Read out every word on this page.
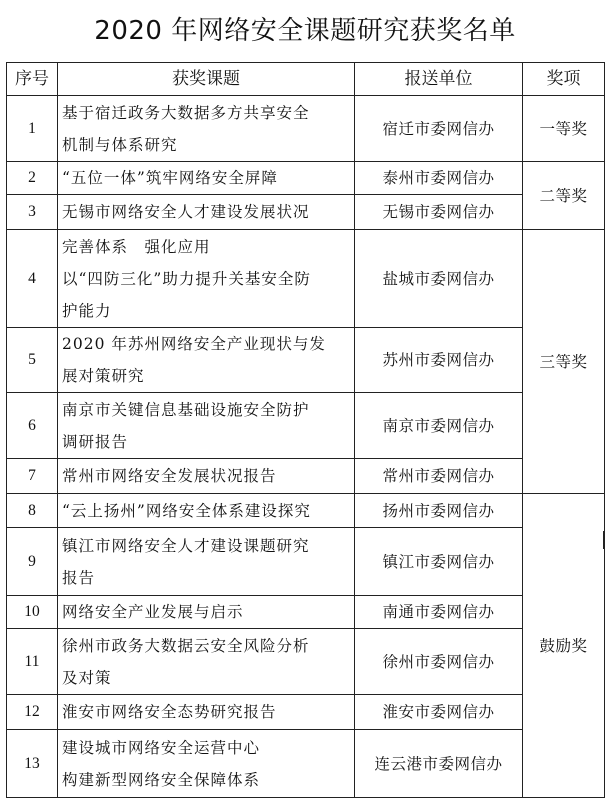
2020 年网络安全课题研究获奖名单
序号	获奖课题	报送单位	奖项
1	基于宿迁政务大数据多方共享安全
机制与体系研究	宿迁市委网信办	一等奖
2	“五位一体”筑牢网络安全屏障	泰州市委网信办	二等奖
3	无锡市网络安全人才建设发展状况	无锡市委网信办	
4	完善体系　强化应用
以“四防三化”助力提升关基安全防
护能力	盐城市委网信办	三等奖
5	2020 年苏州网络安全产业现状与发
展对策研究	苏州市委网信办	
6	南京市关键信息基础设施安全防护
调研报告	南京市委网信办	
7	常州市网络安全发展状况报告	常州市委网信办	
8	“云上扬州”网络安全体系建设探究	扬州市委网信办	鼓励奖
9	镇江市网络安全人才建设课题研究
报告	镇江市委网信办	
10	网络安全产业发展与启示	南通市委网信办	
11	徐州市政务大数据云安全风险分析
及对策	徐州市委网信办	
12	淮安市网络安全态势研究报告	淮安市委网信办	
13	建设城市网络安全运营中心
构建新型网络安全保障体系	连云港市委网信办	
